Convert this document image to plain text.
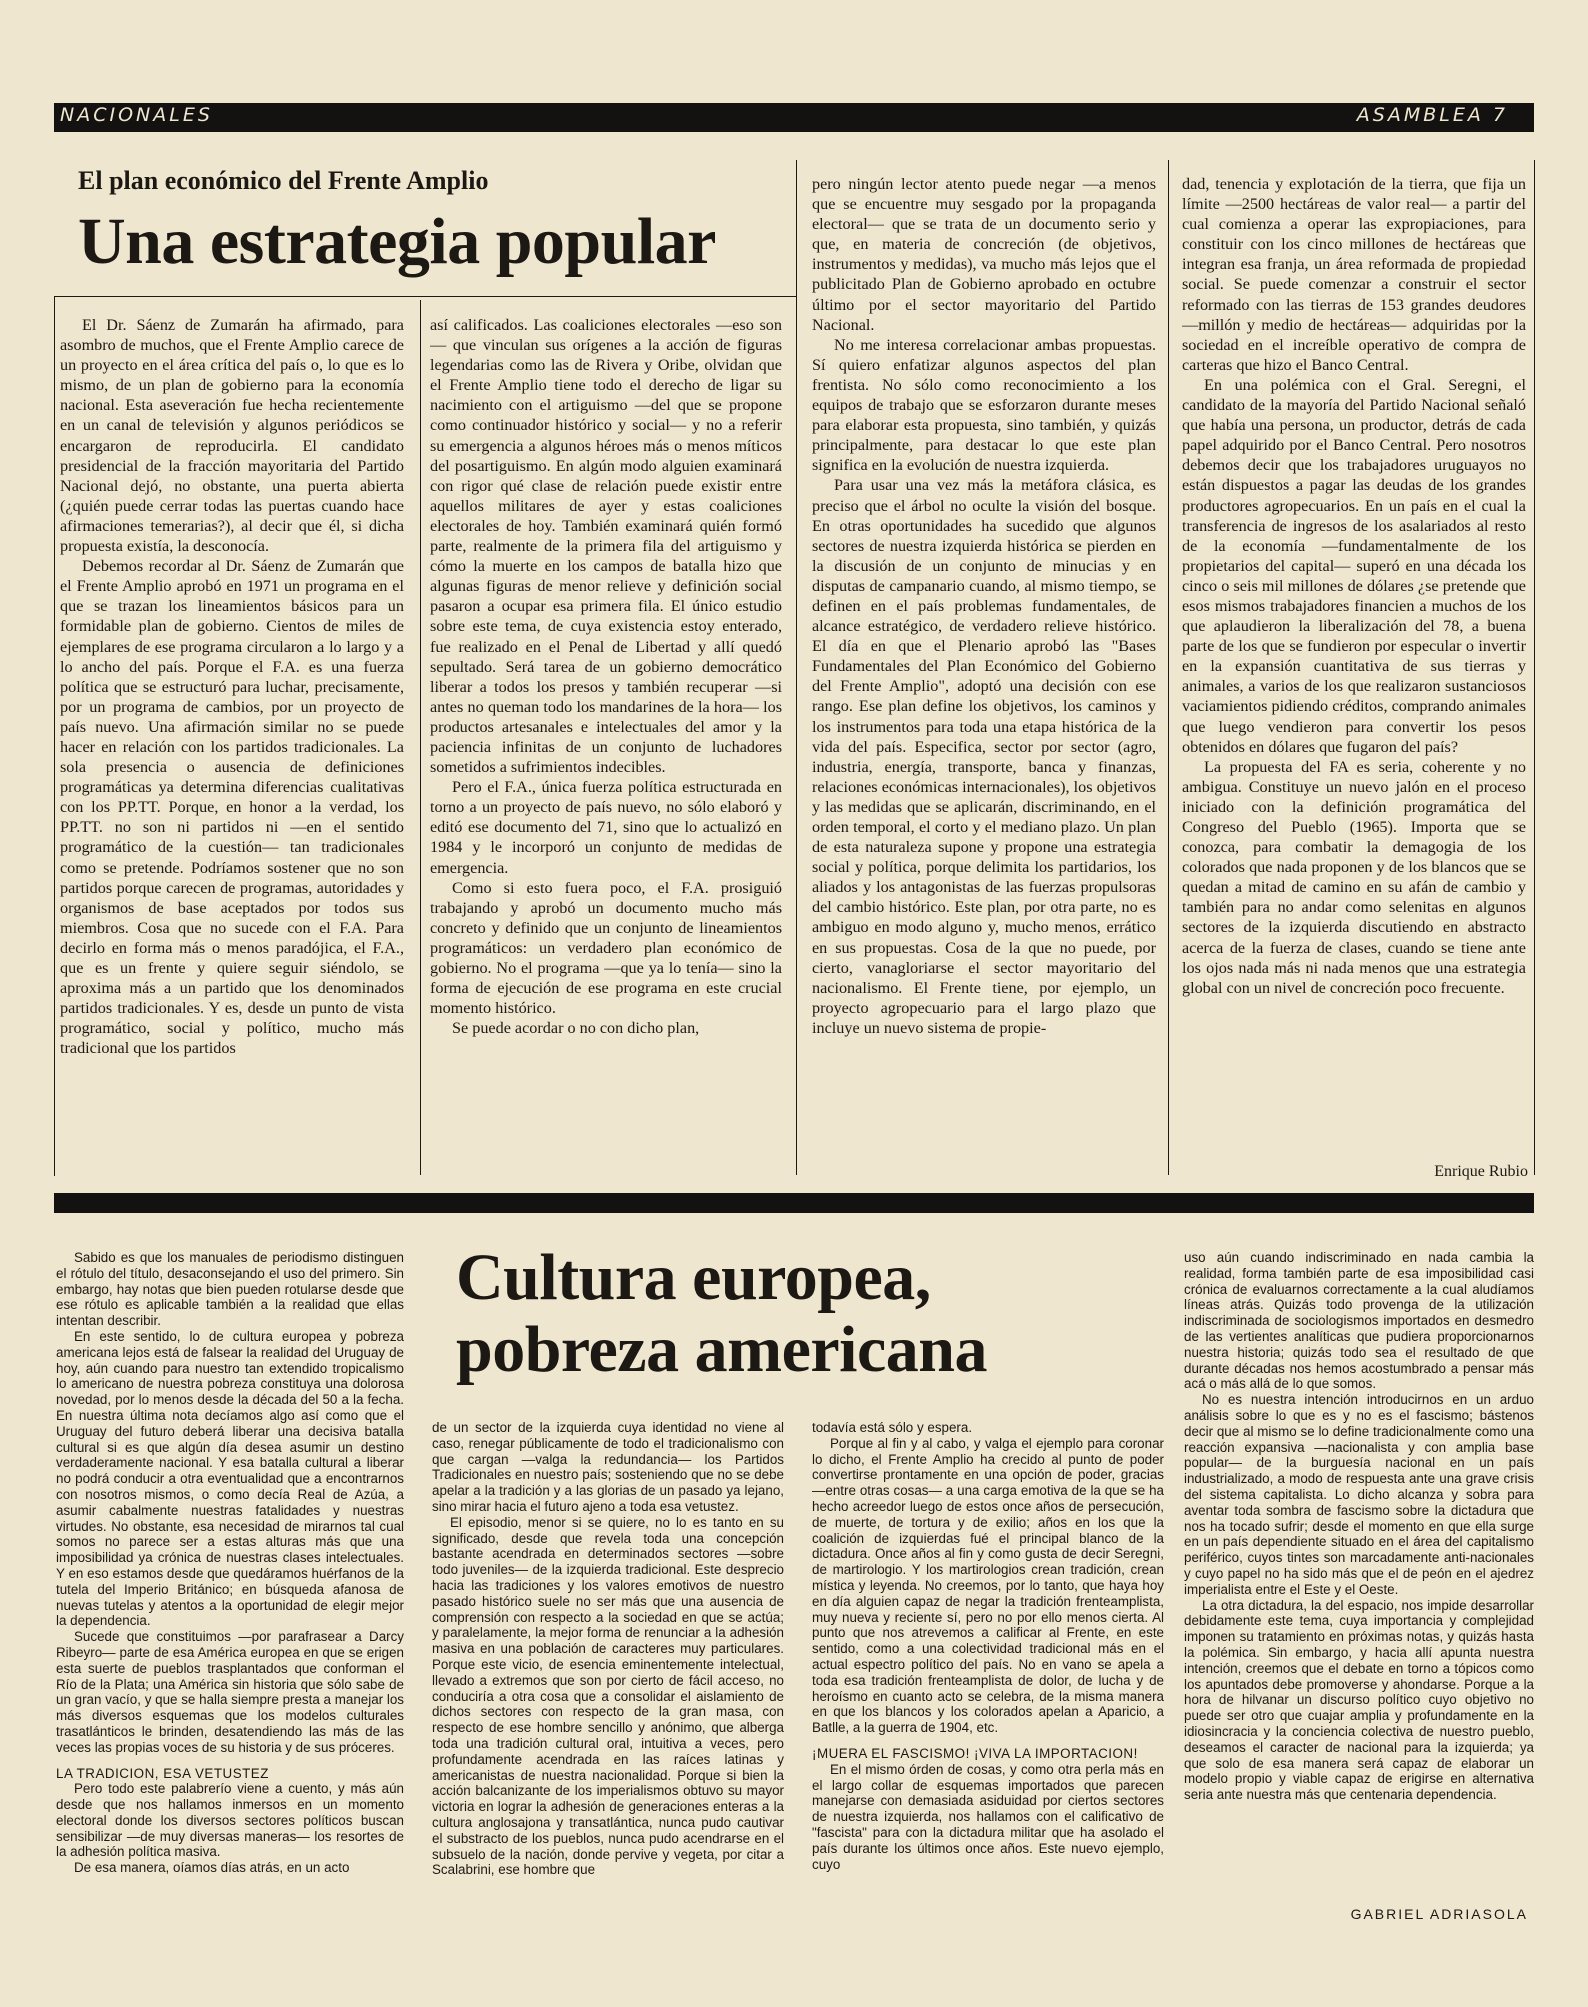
NACIONALES	ASAMBLEA 7
El plan económico del Frente Amplio
Una estrategia popular

El Dr. Sáenz de Zumarán ha afirmado, para asombro de muchos, que el Frente Amplio carece de un proyecto en el área crítica del país o, lo que es lo mismo, de un plan de gobierno para la economía nacional. Esta aseveración fue hecha recientemente en un canal de televisión y algunos periódicos se encargaron de reproducirla. El candidato presidencial de la fracción mayoritaria del Partido Nacional dejó, no obstante, una puerta abierta (¿quién puede cerrar todas las puertas cuando hace afirmaciones temerarias?), al decir que él, si dicha propuesta existía, la desconocía.

Debemos recordar al Dr. Sáenz de Zumarán que el Frente Amplio aprobó en 1971 un programa en el que se trazan los lineamientos básicos para un formidable plan de gobierno. Cientos de miles de ejemplares de ese programa circularon a lo largo y a lo ancho del país. Porque el F.A. es una fuerza política que se estructuró para luchar, precisamente, por un programa de cambios, por un proyecto de país nuevo. Una afirmación similar no se puede hacer en relación con los partidos tradicionales. La sola presencia o ausencia de definiciones programáticas ya determina diferencias cualitativas con los PP.TT. Porque, en honor a la verdad, los PP.TT. no son ni partidos ni —en el sentido programático de la cuestión— tan tradicionales como se pretende. Podríamos sostener que no son partidos porque carecen de programas, autoridades y organismos de base aceptados por todos sus miembros. Cosa que no sucede con el F.A. Para decirlo en forma más o menos paradójica, el F.A., que es un frente y quiere seguir siéndolo, se aproxima más a un partido que los denominados partidos tradicionales. Y es, desde un punto de vista programático, social y político, mucho más tradicional que los partidos

así calificados. Las coaliciones electorales —eso son— que vinculan sus orígenes a la acción de figuras legendarias como las de Rivera y Oribe, olvidan que el Frente Amplio tiene todo el derecho de ligar su nacimiento con el artiguismo —del que se propone como continuador histórico y social— y no a referir su emergencia a algunos héroes más o menos míticos del posartiguismo. En algún modo alguien examinará con rigor qué clase de relación puede existir entre aquellos militares de ayer y estas coaliciones electorales de hoy. También examinará quién formó parte, realmente de la primera fila del artiguismo y cómo la muerte en los campos de batalla hizo que algunas figuras de menor relieve y definición social pasaron a ocupar esa primera fila. El único estudio sobre este tema, de cuya existencia estoy enterado, fue realizado en el Penal de Libertad y allí quedó sepultado. Será tarea de un gobierno democrático liberar a todos los presos y también recuperar —si antes no queman todo los mandarines de la hora— los productos artesanales e intelectuales del amor y la paciencia infinitas de un conjunto de luchadores sometidos a sufrimientos indecibles.

Pero el F.A., única fuerza política estructurada en torno a un proyecto de país nuevo, no sólo elaboró y editó ese documento del 71, sino que lo actualizó en 1984 y le incorporó un conjunto de medidas de emergencia.

Como si esto fuera poco, el F.A. prosiguió trabajando y aprobó un documento mucho más concreto y definido que un conjunto de lineamientos programáticos: un verdadero plan económico de gobierno. No el programa —que ya lo tenía— sino la forma de ejecución de ese programa en este crucial momento histórico.

Se puede acordar o no con dicho plan,

pero ningún lector atento puede negar —a menos que se encuentre muy sesgado por la propaganda electoral— que se trata de un documento serio y que, en materia de concreción (de objetivos, instrumentos y medidas), va mucho más lejos que el publicitado Plan de Gobierno aprobado en octubre último por el sector mayoritario del Partido Nacional.

No me interesa correlacionar ambas propuestas. Sí quiero enfatizar algunos aspectos del plan frentista. No sólo como reconocimiento a los equipos de trabajo que se esforzaron durante meses para elaborar esta propuesta, sino también, y quizás principalmente, para destacar lo que este plan significa en la evolución de nuestra izquierda.

Para usar una vez más la metáfora clásica, es preciso que el árbol no oculte la visión del bosque. En otras oportunidades ha sucedido que algunos sectores de nuestra izquierda histórica se pierden en la discusión de un conjunto de minucias y en disputas de campanario cuando, al mismo tiempo, se definen en el país problemas fundamentales, de alcance estratégico, de verdadero relieve histórico. El día en que el Plenario aprobó las "Bases Fundamentales del Plan Económico del Gobierno del Frente Amplio", adoptó una decisión con ese rango. Ese plan define los objetivos, los caminos y los instrumentos para toda una etapa histórica de la vida del país. Especifica, sector por sector (agro, industria, energía, transporte, banca y finanzas, relaciones económicas internacionales), los objetivos y las medidas que se aplicarán, discriminando, en el orden temporal, el corto y el mediano plazo. Un plan de esta naturaleza supone y propone una estrategia social y política, porque delimita los partidarios, los aliados y los antagonistas de las fuerzas propulsoras del cambio histórico. Este plan, por otra parte, no es ambiguo en modo alguno y, mucho menos, errático en sus propuestas. Cosa de la que no puede, por cierto, vanagloriarse el sector mayoritario del nacionalismo. El Frente tiene, por ejemplo, un proyecto agropecuario para el largo plazo que incluye un nuevo sistema de propie-

dad, tenencia y explotación de la tierra, que fija un límite —2500 hectáreas de valor real— a partir del cual comienza a operar las expropiaciones, para constituir con los cinco millones de hectáreas que integran esa franja, un área reformada de propiedad social. Se puede comenzar a construir el sector reformado con las tierras de 153 grandes deudores —millón y medio de hectáreas— adquiridas por la sociedad en el increíble operativo de compra de carteras que hizo el Banco Central.

En una polémica con el Gral. Seregni, el candidato de la mayoría del Partido Nacional señaló que había una persona, un productor, detrás de cada papel adquirido por el Banco Central. Pero nosotros debemos decir que los trabajadores uruguayos no están dispuestos a pagar las deudas de los grandes productores agropecuarios. En un país en el cual la transferencia de ingresos de los asalariados al resto de la economía —fundamentalmente de los propietarios del capital— superó en una década los cinco o seis mil millones de dólares ¿se pretende que esos mismos trabajadores financien a muchos de los que aplaudieron la liberalización del 78, a buena parte de los que se fundieron por especular o invertir en la expansión cuantitativa de sus tierras y animales, a varios de los que realizaron sustanciosos vaciamientos pidiendo créditos, comprando animales que luego vendieron para convertir los pesos obtenidos en dólares que fugaron del país?

La propuesta del FA es seria, coherente y no ambigua. Constituye un nuevo jalón en el proceso iniciado con la definición programática del Congreso del Pueblo (1965). Importa que se conozca, para combatir la demagogia de los colorados que nada proponen y de los blancos que se quedan a mitad de camino en su afán de cambio y también para no andar como selenitas en algunos sectores de la izquierda discutiendo en abstracto acerca de la fuerza de clases, cuando se tiene ante los ojos nada más ni nada menos que una estrategia global con un nivel de concreción poco frecuente.

Enrique Rubio
Cultura europea,
pobreza americana

Sabido es que los manuales de periodismo distinguen el rótulo del título, desaconsejando el uso del primero. Sin embargo, hay notas que bien pueden rotularse desde que ese rótulo es aplicable también a la realidad que ellas intentan describir.

En este sentido, lo de cultura europea y pobreza americana lejos está de falsear la realidad del Uruguay de hoy, aún cuando para nuestro tan extendido tropicalismo lo americano de nuestra pobreza constituya una dolorosa novedad, por lo menos desde la década del 50 a la fecha. En nuestra última nota decíamos algo así como que el Uruguay del futuro deberá liberar una decisiva batalla cultural si es que algún día desea asumir un destino verdaderamente nacional. Y esa batalla cultural a liberar no podrá conducir a otra eventualidad que a encontrarnos con nosotros mismos, o como decía Real de Azúa, a asumir cabalmente nuestras fatalidades y nuestras virtudes. No obstante, esa necesidad de mirarnos tal cual somos no parece ser a estas alturas más que una imposibilidad ya crónica de nuestras clases intelectuales. Y en eso estamos desde que quedáramos huérfanos de la tutela del Imperio Británico; en búsqueda afanosa de nuevas tutelas y atentos a la oportunidad de elegir mejor la dependencia.

Sucede que constituimos —por parafrasear a Darcy Ribeyro— parte de esa América europea en que se erigen esta suerte de pueblos trasplantados que conforman el Río de la Plata; una América sin historia que sólo sabe de un gran vacío, y que se halla siempre presta a manejar los más diversos esquemas que los modelos culturales trasatlánticos le brinden, desatendiendo las más de las veces las propias voces de su historia y de sus próceres.

LA TRADICION, ESA VETUSTEZ

Pero todo este palabrerío viene a cuento, y más aún desde que nos hallamos inmersos en un momento electoral donde los diversos sectores políticos buscan sensibilizar —de muy diversas maneras— los resortes de la adhesión política masiva.

De esa manera, oíamos días atrás, en un acto

de un sector de la izquierda cuya identidad no viene al caso, renegar públicamente de todo el tradicionalismo con que cargan —valga la redundancia— los Partidos Tradicionales en nuestro país; sosteniendo que no se debe apelar a la tradición y a las glorias de un pasado ya lejano, sino mirar hacia el futuro ajeno a toda esa vetustez.

El episodio, menor si se quiere, no lo es tanto en su significado, desde que revela toda una concepción bastante acendrada en determinados sectores —sobre todo juveniles— de la izquierda tradicional. Este desprecio hacia las tradiciones y los valores emotivos de nuestro pasado histórico suele no ser más que una ausencia de comprensión con respecto a la sociedad en que se actúa; y paralelamente, la mejor forma de renunciar a la adhesión masiva en una población de caracteres muy particulares. Porque este vicio, de esencia eminentemente intelectual, llevado a extremos que son por cierto de fácil acceso, no conduciría a otra cosa que a consolidar el aislamiento de dichos sectores con respecto de la gran masa, con respecto de ese hombre sencillo y anónimo, que alberga toda una tradición cultural oral, intuitiva a veces, pero profundamente acendrada en las raíces latinas y americanistas de nuestra nacionalidad. Porque si bien la acción balcanizante de los imperialismos obtuvo su mayor victoria en lograr la adhesión de generaciones enteras a la cultura anglosajona y transatlántica, nunca pudo cautivar el substracto de los pueblos, nunca pudo acendrarse en el subsuelo de la nación, donde pervive y vegeta, por citar a Scalabrini, ese hombre que

todavía está sólo y espera.

Porque al fin y al cabo, y valga el ejemplo para coronar lo dicho, el Frente Amplio ha crecido al punto de poder convertirse prontamente en una opción de poder, gracias —entre otras cosas— a una carga emotiva de la que se ha hecho acreedor luego de estos once años de persecución, de muerte, de tortura y de exilio; años en los que la coalición de izquierdas fué el principal blanco de la dictadura. Once años al fin y como gusta de decir Seregni, de martirologio. Y los martirologios crean tradición, crean mística y leyenda. No creemos, por lo tanto, que haya hoy en día alguien capaz de negar la tradición frenteamplista, muy nueva y reciente sí, pero no por ello menos cierta. Al punto que nos atrevemos a calificar al Frente, en este sentido, como a una colectividad tradicional más en el actual espectro político del país. No en vano se apela a toda esa tradición frenteamplista de dolor, de lucha y de heroísmo en cuanto acto se celebra, de la misma manera en que los blancos y los colorados apelan a Aparicio, a Batlle, a la guerra de 1904, etc.

¡MUERA EL FASCISMO! ¡VIVA LA IMPORTACION!

En el mismo órden de cosas, y como otra perla más en el largo collar de esquemas importados que parecen manejarse con demasiada asiduidad por ciertos sectores de nuestra izquierda, nos hallamos con el calificativo de "fascista" para con la dictadura militar que ha asolado el país durante los últimos once años. Este nuevo ejemplo, cuyo

uso aún cuando indiscriminado en nada cambia la realidad, forma también parte de esa imposibilidad casi crónica de evaluarnos correctamente a la cual aludíamos líneas atrás. Quizás todo provenga de la utilización indiscriminada de sociologismos importados en desmedro de las vertientes analíticas que pudiera proporcionarnos nuestra historia; quizás todo sea el resultado de que durante décadas nos hemos acostumbrado a pensar más acá o más allá de lo que somos.

No es nuestra intención introducirnos en un arduo análisis sobre lo que es y no es el fascismo; bástenos decir que al mismo se lo define tradicionalmente como una reacción expansiva —nacionalista y con amplia base popular— de la burguesía nacional en un país industrializado, a modo de respuesta ante una grave crisis del sistema capitalista. Lo dicho alcanza y sobra para aventar toda sombra de fascismo sobre la dictadura que nos ha tocado sufrir; desde el momento en que ella surge en un país dependiente situado en el área del capitalismo periférico, cuyos tintes son marcadamente anti-nacionales y cuyo papel no ha sido más que el de peón en el ajedrez imperialista entre el Este y el Oeste.

La otra dictadura, la del espacio, nos impide desarrollar debidamente este tema, cuya importancia y complejidad imponen su tratamiento en próximas notas, y quizás hasta la polémica. Sin embargo, y hacia allí apunta nuestra intención, creemos que el debate en torno a tópicos como los apuntados debe promoverse y ahondarse. Porque a la hora de hilvanar un discurso político cuyo objetivo no puede ser otro que cuajar amplia y profundamente en la idiosincracia y la conciencia colectiva de nuestro pueblo, deseamos el caracter de nacional para la izquierda; ya que solo de esa manera será capaz de elaborar un modelo propio y viable capaz de erigirse en alternativa seria ante nuestra más que centenaria dependencia.

GABRIEL ADRIASOLA
